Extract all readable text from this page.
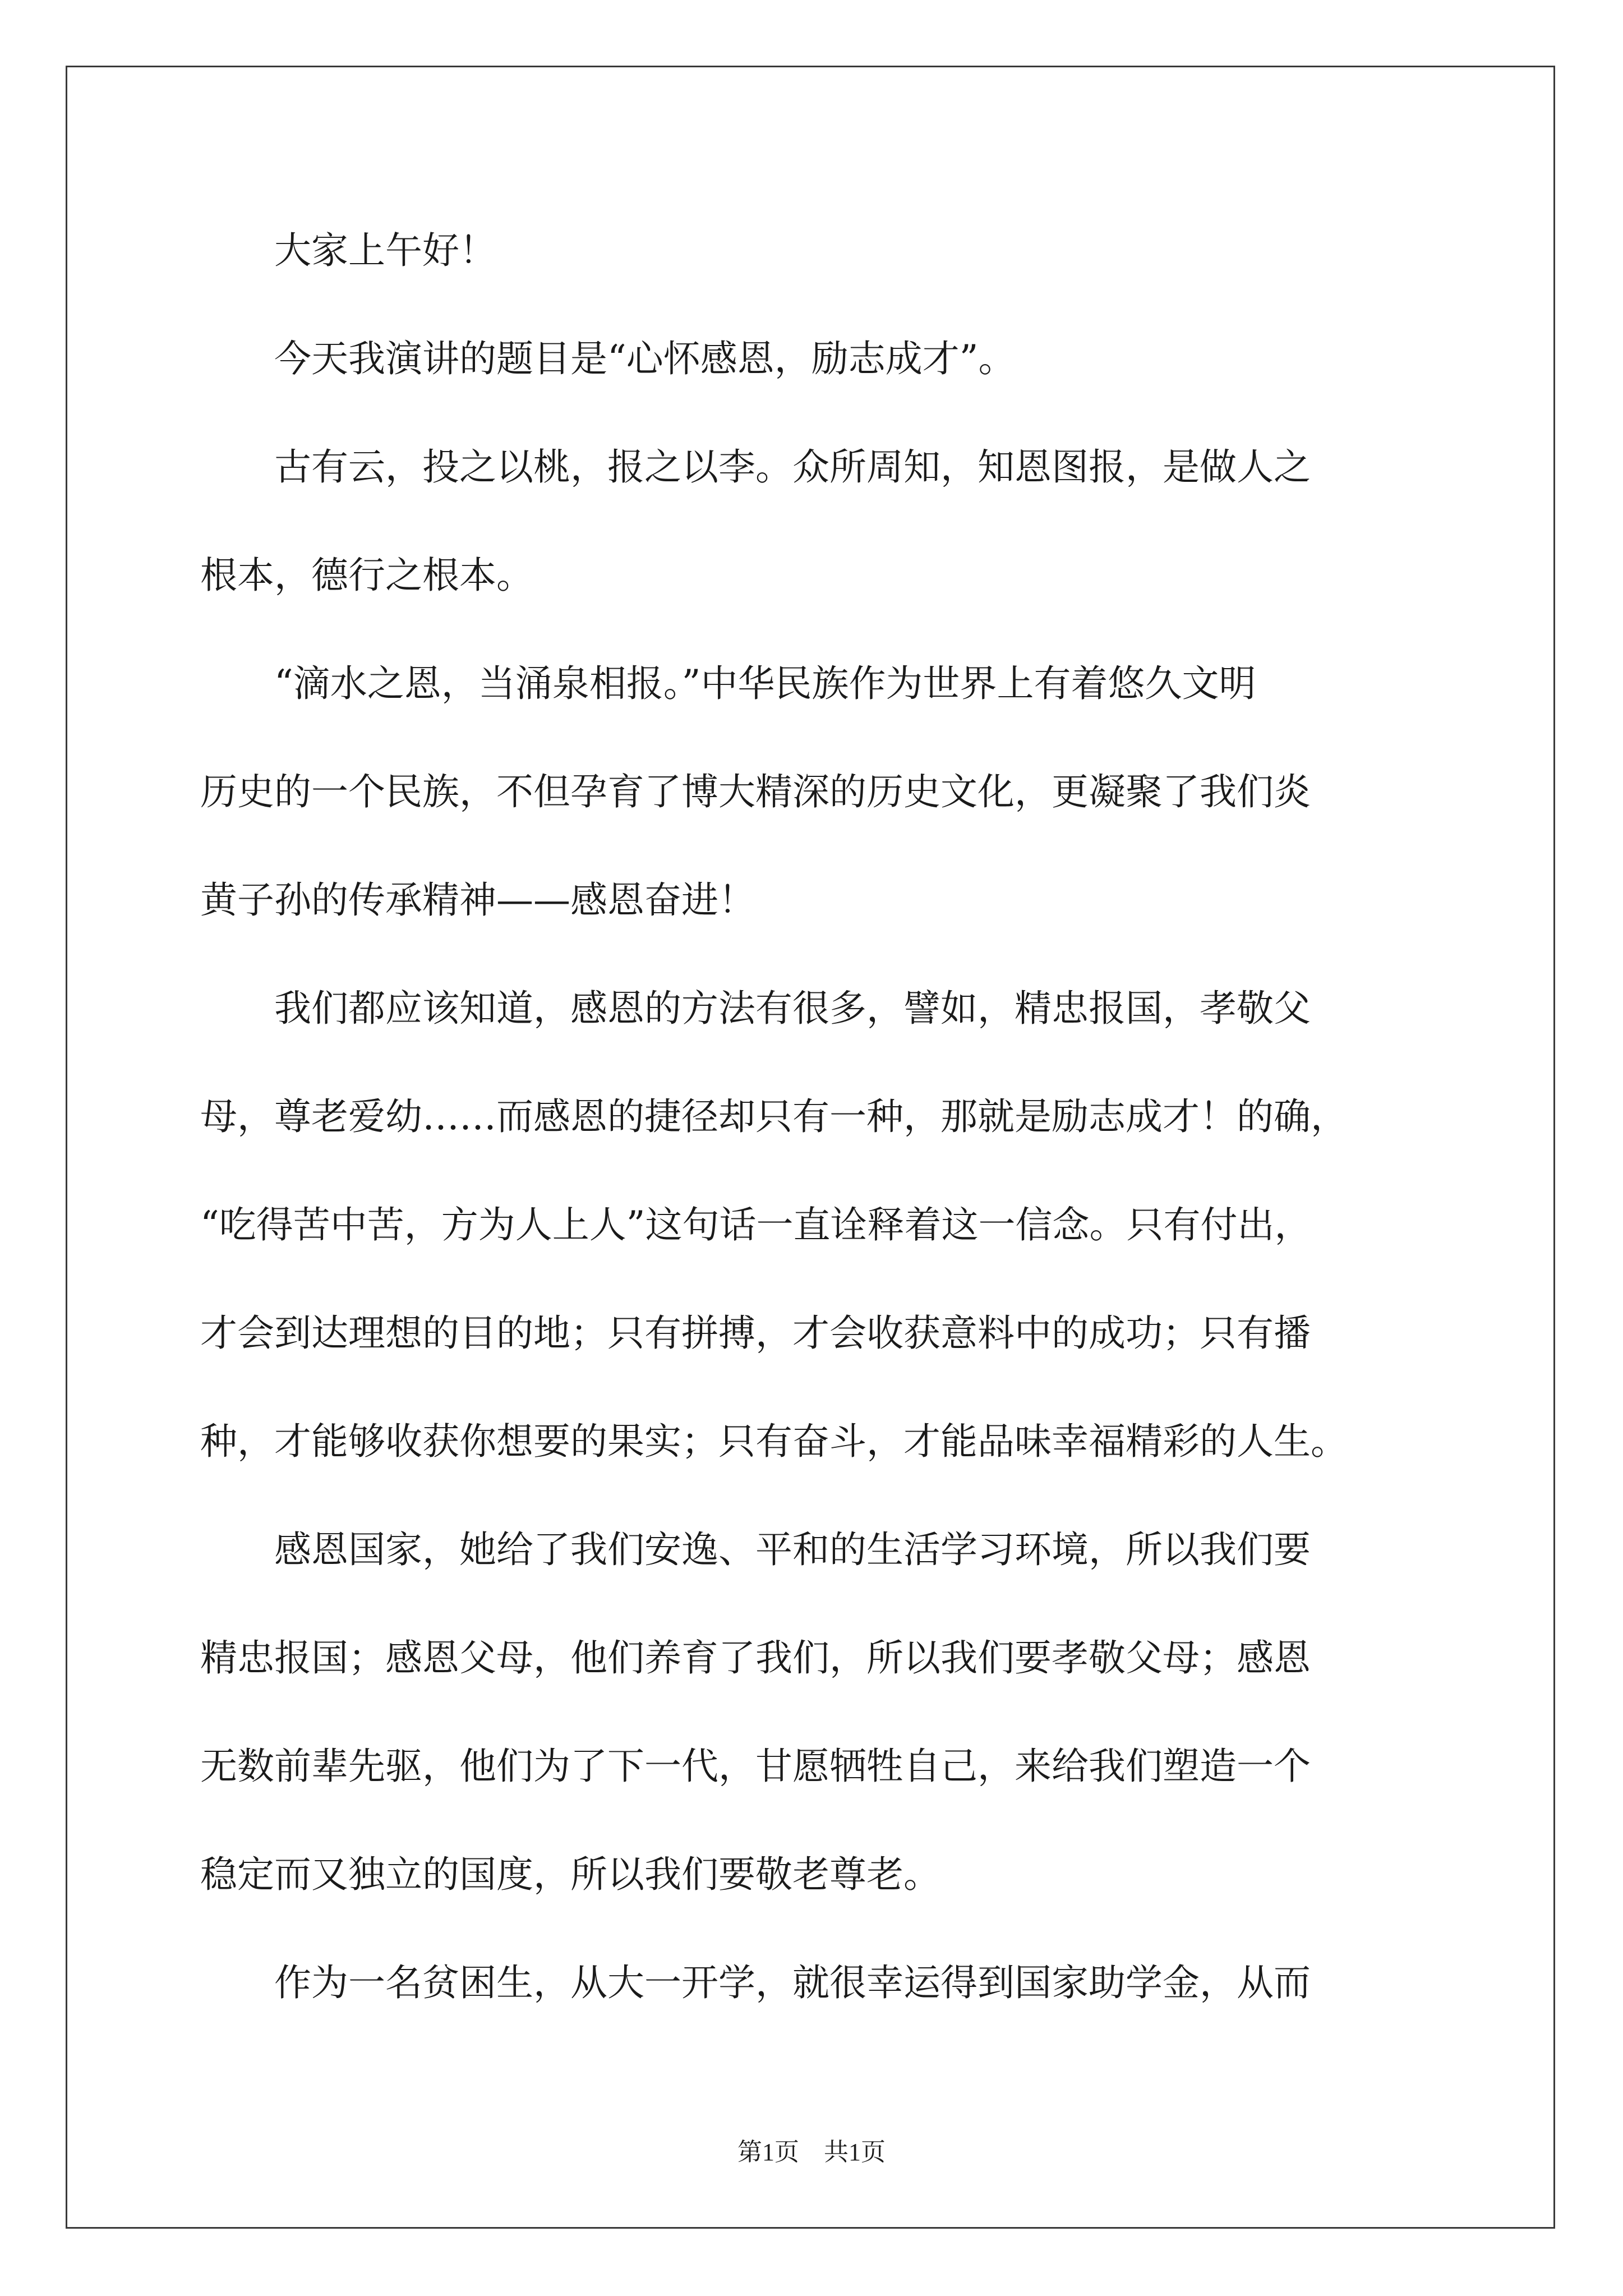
　　大家上午好！
　　今天我演讲的题目是“心怀感恩，励志成才”。
　　古有云，投之以桃，报之以李。众所周知，知恩图报，是做人之
根本，德行之根本。
　　“滴水之恩，当涌泉相报。”中华民族作为世界上有着悠久文明
历史的一个民族，不但孕育了博大精深的历史文化，更凝聚了我们炎
黄子孙的传承精神——感恩奋进！
　　我们都应该知道，感恩的方法有很多，譬如，精忠报国，孝敬父
母，尊老爱幼……而感恩的捷径却只有一种，那就是励志成才！的确，
“吃得苦中苦，方为人上人”这句话一直诠释着这一信念。只有付出，
才会到达理想的目的地；只有拼搏，才会收获意料中的成功；只有播
种，才能够收获你想要的果实；只有奋斗，才能品味幸福精彩的人生。
　　感恩国家，她给了我们安逸、平和的生活学习环境，所以我们要
精忠报国；感恩父母，他们养育了我们，所以我们要孝敬父母；感恩
无数前辈先驱，他们为了下一代，甘愿牺牲自己，来给我们塑造一个
稳定而又独立的国度，所以我们要敬老尊老。
　　作为一名贫困生，从大一开学，就很幸运得到国家助学金，从而
第1页　共1页
